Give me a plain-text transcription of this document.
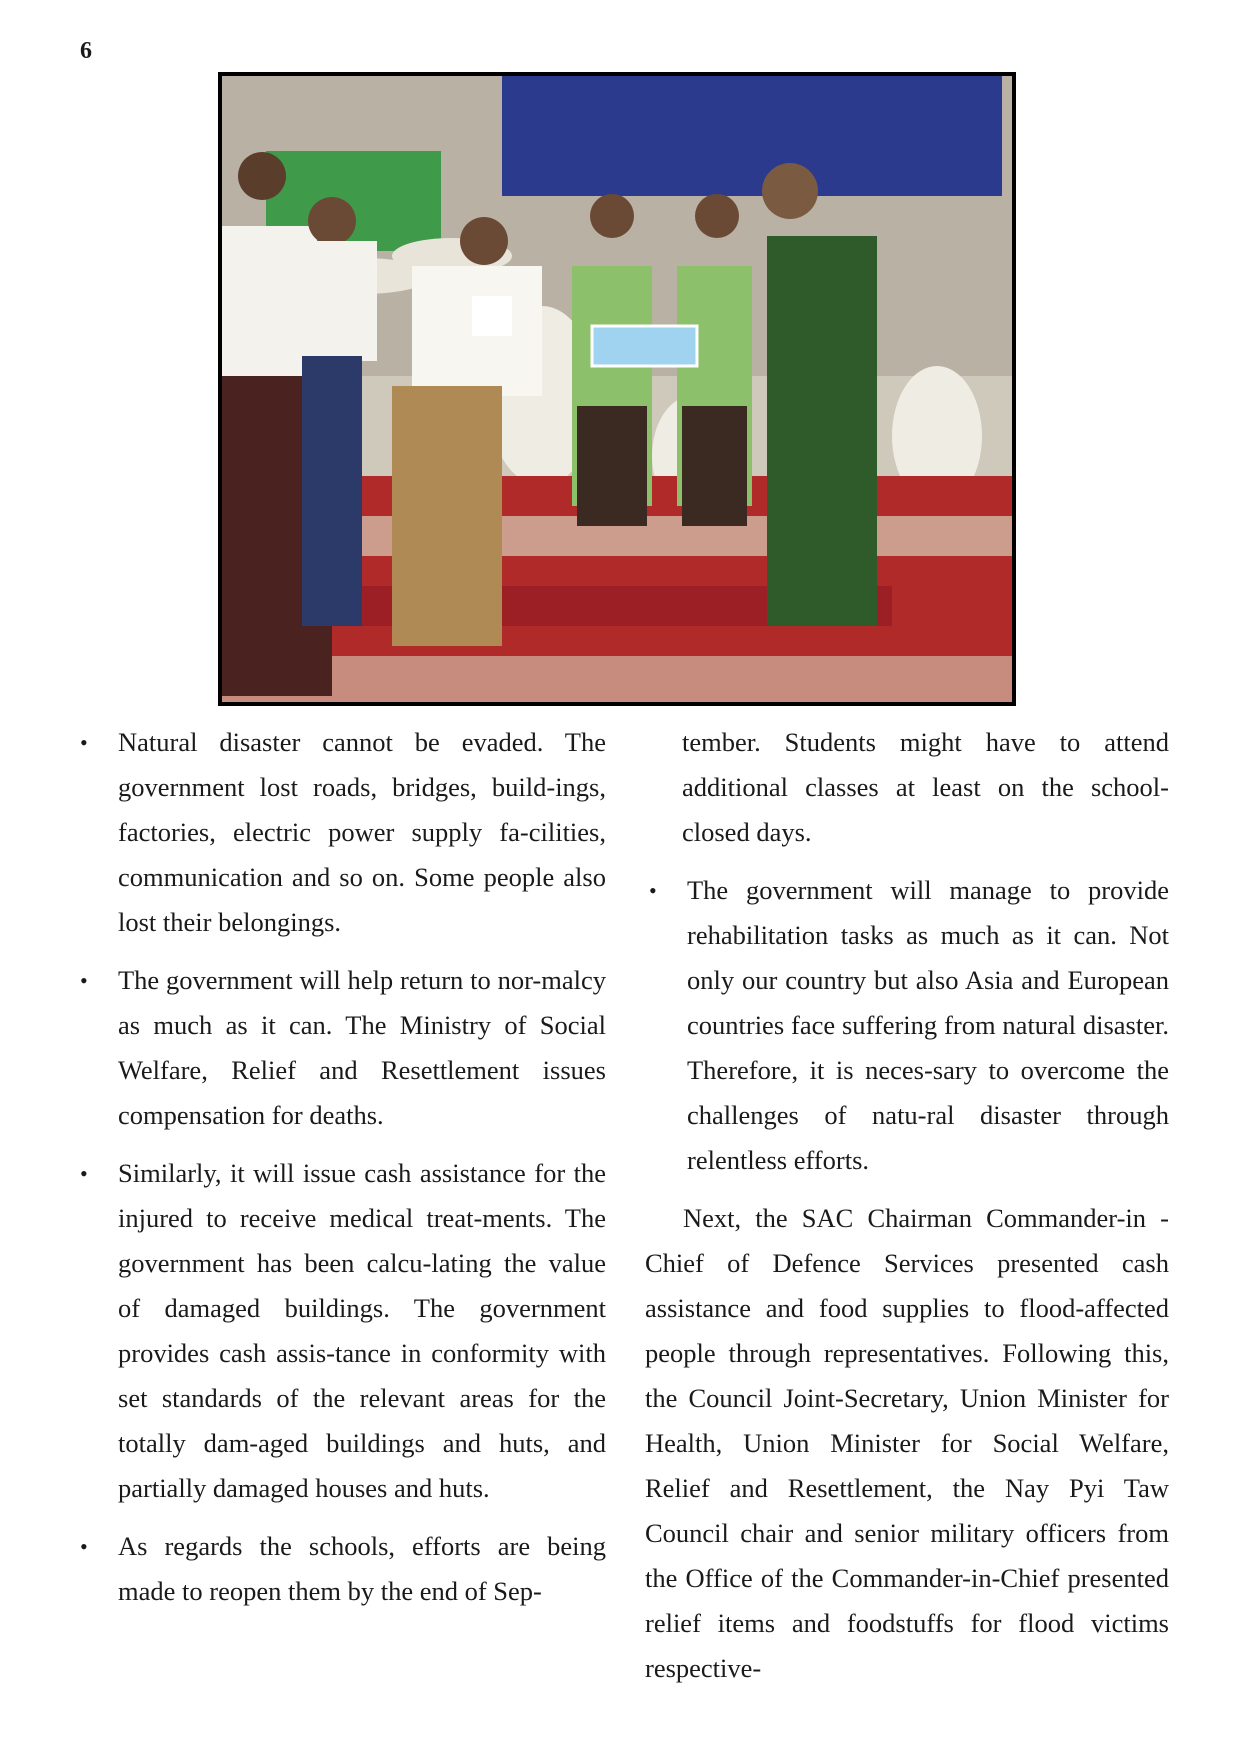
6
• Natural disaster cannot be evaded. The government lost roads, bridges, build-ings, factories, electric power supply fa-cilities, communication and so on. Some people also lost their belongings.
• The government will help return to nor-malcy as much as it can. The Ministry of Social Welfare, Relief and Resettlement issues compensation for deaths.
• Similarly, it will issue cash assistance for the injured to receive medical treat-ments. The government has been calcu-lating the value of damaged buildings. The government provides cash assis-tance in conformity with set standards of the relevant areas for the totally dam-aged buildings and huts, and partially damaged houses and huts.
• As regards the schools, efforts are being made to reopen them by the end of Sep-

tember. Students might have to attend additional classes at least on the school-closed days.

• The government will manage to provide rehabilitation tasks as much as it can. Not only our country but also Asia and European countries face suffering from natural disaster. Therefore, it is neces-sary to overcome the challenges of natu-ral disaster through relentless efforts.

Next, the SAC Chairman Commander-in -Chief of Defence Services presented cash assistance and food supplies to flood-affected people through representatives. Following this, the Council Joint-Secretary, Union Minister for Health, Union Minister for Social Welfare, Relief and Resettlement, the Nay Pyi Taw Council chair and senior military officers from the Office of the Commander-in-Chief presented relief items and foodstuffs for flood victims respective-
